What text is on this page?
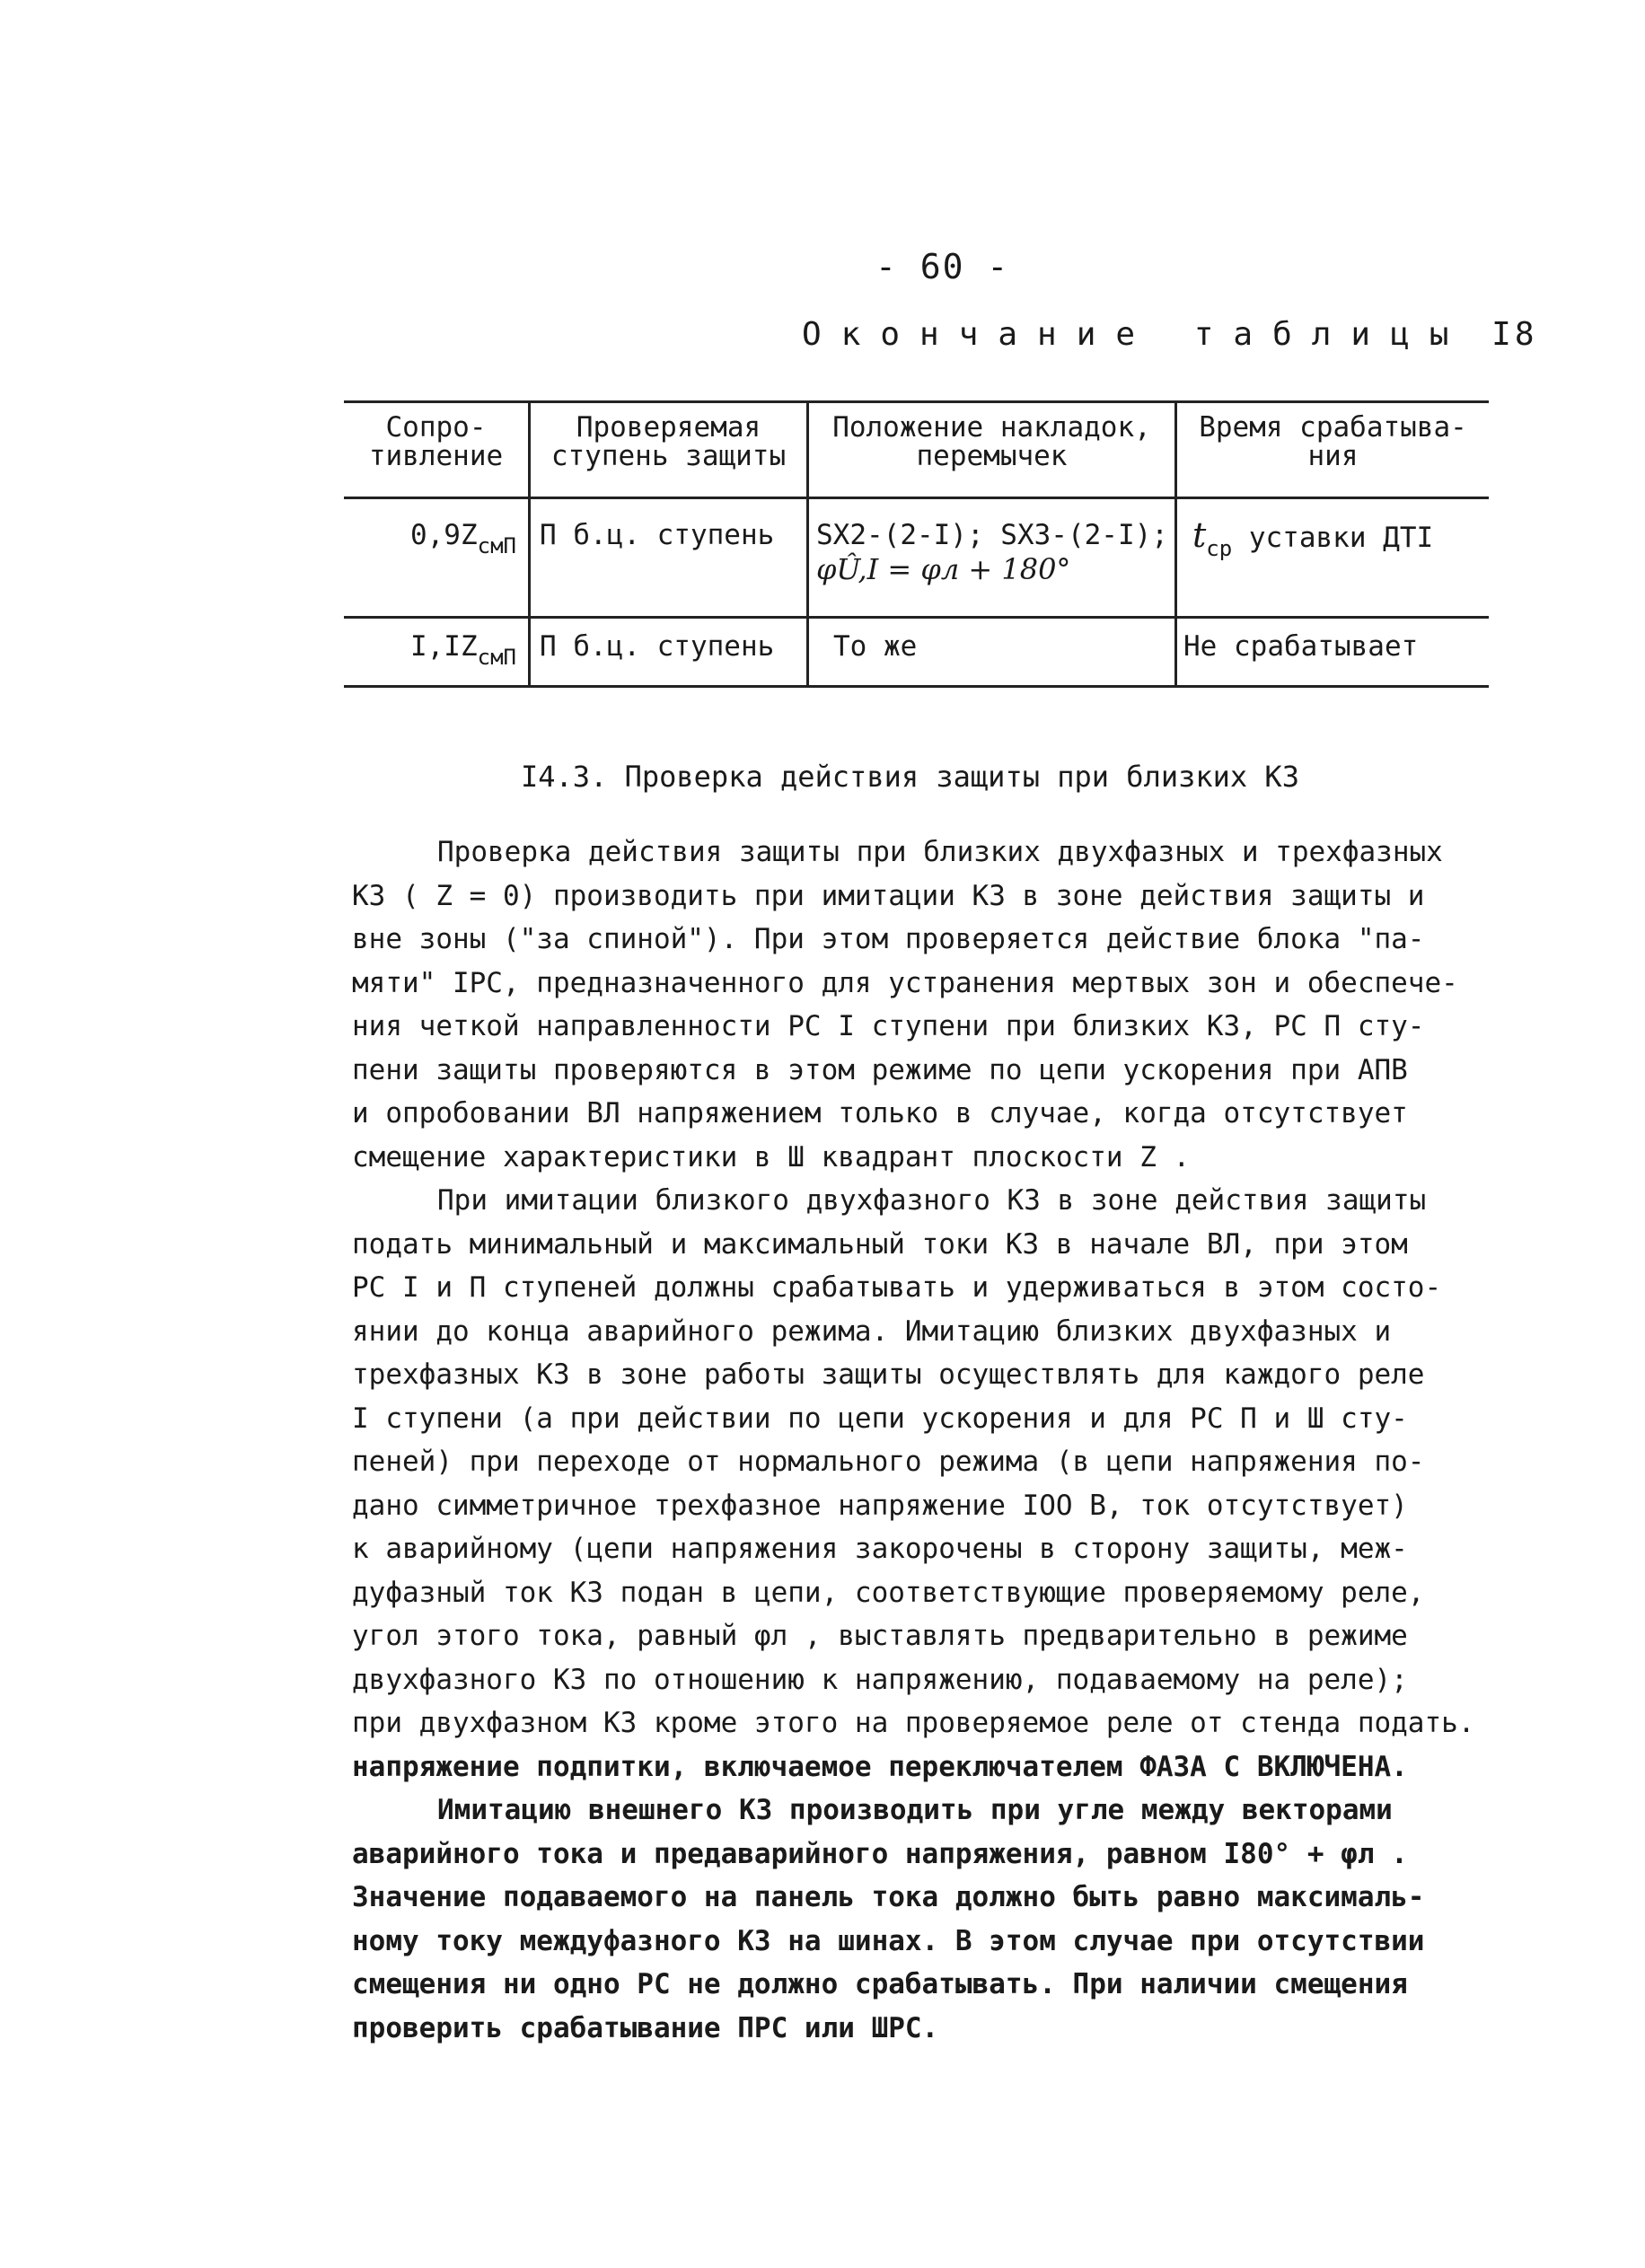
- 60 -
Окончание таблицы I8
Сопро-
тивление
Проверяемая
ступень защиты
Положение накладок,
перемычек
Время срабатыва-
ния
$0,9Z_{смП}$ П б.ц. ступень SX2-(2-I); SX3-(2-I);
φÛ,I = φл + 180°
$t_{ср}$ уставки ДТI
$I,IZ_{смП}$ П б.ц. ступень То же	Не срабатывает
I4.3. Проверка действия защиты при близких КЗ
Проверка действия защиты при близких двухфазных и трехфазных
КЗ ( Z = 0) производить при имитации КЗ в зоне действия защиты и
вне зоны ("за спиной"). При этом проверяется действие блока "па-
мяти" IPC, предназначенного для устранения мертвых зон и обеспече-
ния четкой направленности РС I ступени при близких КЗ, РС П сту-
пени защиты проверяются в этом режиме по цепи ускорения при АПВ
и опробовании ВЛ напряжением только в случае, когда отсутствует
смещение характеристики в Ш квадрант плоскости Z .
При имитации близкого двухфазного КЗ в зоне действия защиты
подать минимальный и максимальный токи КЗ в начале ВЛ, при этом
РС I и П ступеней должны срабатывать и удерживаться в этом состо-
янии до конца аварийного режима. Имитацию близких двухфазных и
трехфазных КЗ в зоне работы защиты осуществлять для каждого реле
I ступени (а при действии по цепи ускорения и для РС П и Ш сту-
пеней) при переходе от нормального режима (в цепи напряжения по-
дано симметричное трехфазное напряжение IOO В, ток отсутствует)
к аварийному (цепи напряжения закорочены в сторону защиты, меж-
дуфазный ток КЗ подан в цепи, соответствующие проверяемому реле,
угол этого тока, равный φл , выставлять предварительно в режиме
двухфазного КЗ по отношению к напряжению, подаваемому на реле);
при двухфазном КЗ кроме этого на проверяемое реле от стенда подать.
напряжение подпитки, включаемое переключателем ФАЗА С ВКЛЮЧЕНА.
Имитацию внешнего КЗ производить при угле между векторами
аварийного тока и предаварийного напряжения, равном I80° + φл .
Значение подаваемого на панель тока должно быть равно максималь-
ному току междуфазного КЗ на шинах. В этом случае при отсутствии
смещения ни одно РС не должно срабатывать. При наличии смещения
проверить срабатывание ПРС или ШРС.
